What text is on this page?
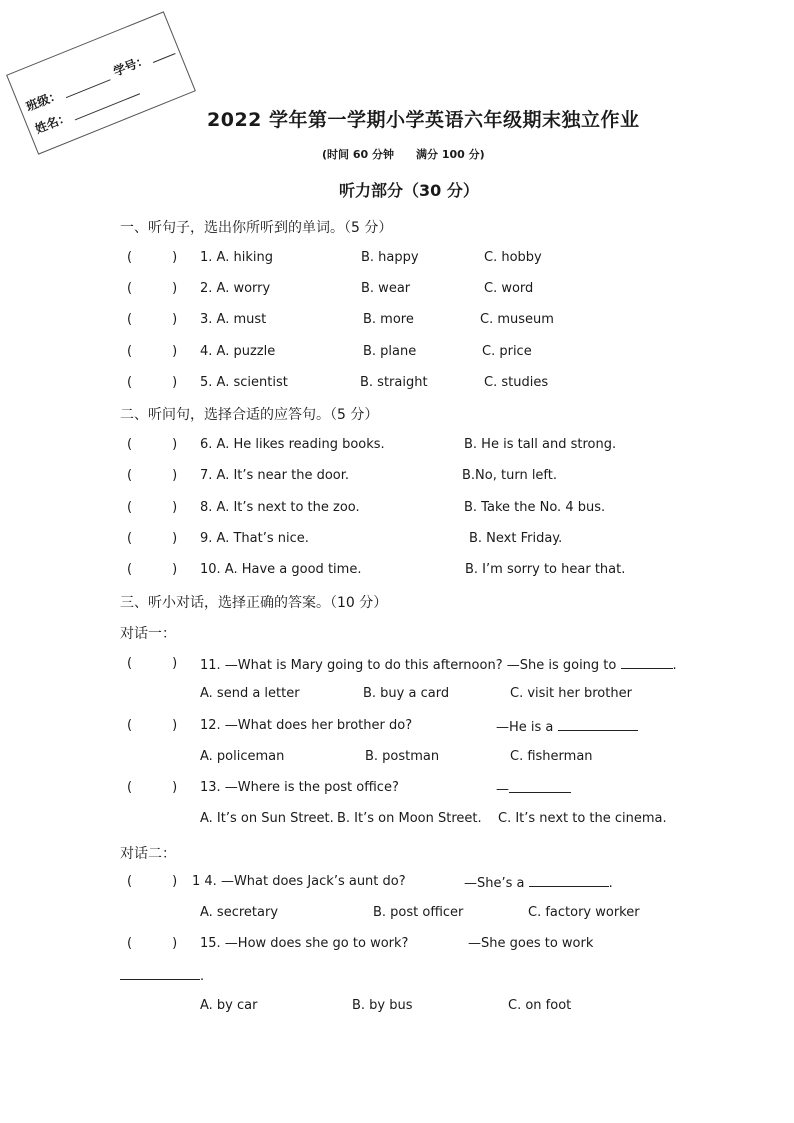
班级：
学号：
姓名：	2022 学年第一学期小学英语六年级期末独立作业
(时间 60 分钟 满分 100 分)
听力部分（30 分）
一、听句子，选出你所听到的单词。（5 分）
(	) 1. A. hiking	B. happy	C. hobby
(	) 2. A. worry	B. wear	C. word
(	) 3. A. must	B. more	C. museum
(	) 4. A. puzzle	B. plane	C. price
(	) 5. A. scientist	B. straight	C. studies
二、听问句，选择合适的应答句。（5 分）
(	) 6. A. He likes reading books.	B. He is tall and strong.
(	) 7. A. It’s near the door.	B.No, turn left.
(	) 8. A. It’s next to the zoo.	B. Take the No. 4 bus.
(	) 9. A. That’s nice.	B. Next Friday.
(	) 10. A. Have a good time.	B. I’m sorry to hear that.
三、听小对话，选择正确的答案。（10 分）
对话一：
(	) 11. —What is Mary going to do this afternoon? —She is going to	.
A. send a letter	B. buy a card	C. visit her brother
(	) 12. —What does her brother do?	—He is a
A. policeman	B. postman	C. fisherman
(	) 13. —Where is the post office?	—
A. It’s on Sun Street. B. It’s on Moon Street. C. It’s next to the cinema.
对话二：
(	) 1 4. —What does Jack’s aunt do?	—She’s a	.
A. secretary	B. post officer	C. factory worker
(	) 15. —How does she go to work?	—She goes to work
.
A. by car	B. by bus	C. on foot
